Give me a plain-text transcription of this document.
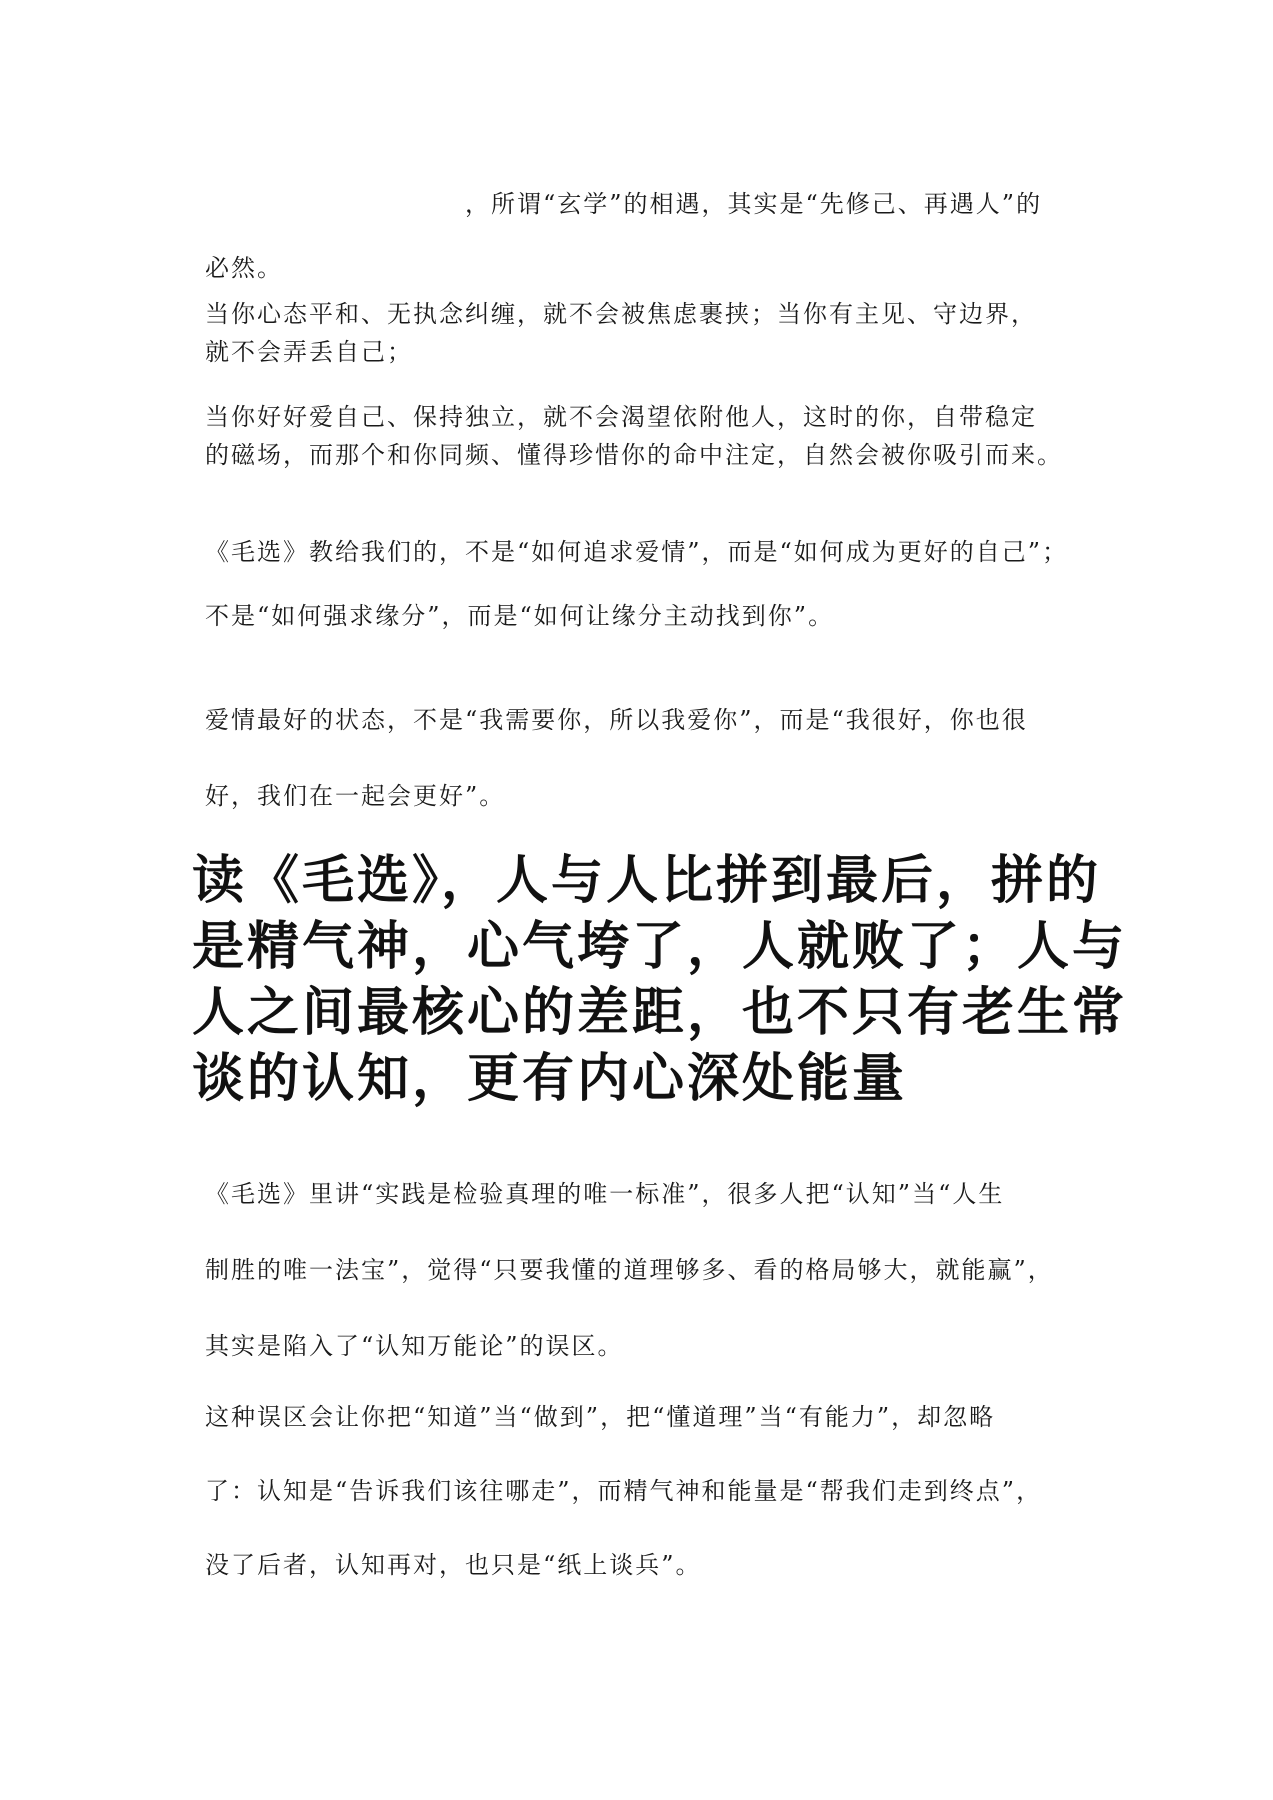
，所谓“玄学”的相遇，其实是“先修己、再遇人”的
必然。

当你心态平和、无执念纠缠，就不会被焦虑裹挟；当你有主见、守边界，
就不会弄丢自己；

当你好好爱自己、保持独立，就不会渴望依附他人，这时的你，自带稳定
的磁场，而那个和你同频、懂得珍惜你的命中注定，自然会被你吸引而来。

《毛选》教给我们的，不是“如何追求爱情”，而是“如何成为更好的自己”；
不是“如何强求缘分”，而是“如何让缘分主动找到你”。

爱情最好的状态，不是“我需要你，所以我爱你”，而是“我很好，你也很
好，我们在一起会更好”。

读《毛选》，人与人比拼到最后，拼的
是精气神，心气垮了，人就败了；人与
人之间最核心的差距，也不只有老生常
谈的认知，更有内心深处能量

《毛选》里讲“实践是检验真理的唯一标准”，很多人把“认知”当“人生
制胜的唯一法宝”，觉得“只要我懂的道理够多、看的格局够大，就能赢”，
其实是陷入了“认知万能论”的误区。

这种误区会让你把“知道”当“做到”，把“懂道理”当“有能力”，却忽略
了：认知是“告诉我们该往哪走”，而精气神和能量是“帮我们走到终点”，
没了后者，认知再对，也只是“纸上谈兵”。
